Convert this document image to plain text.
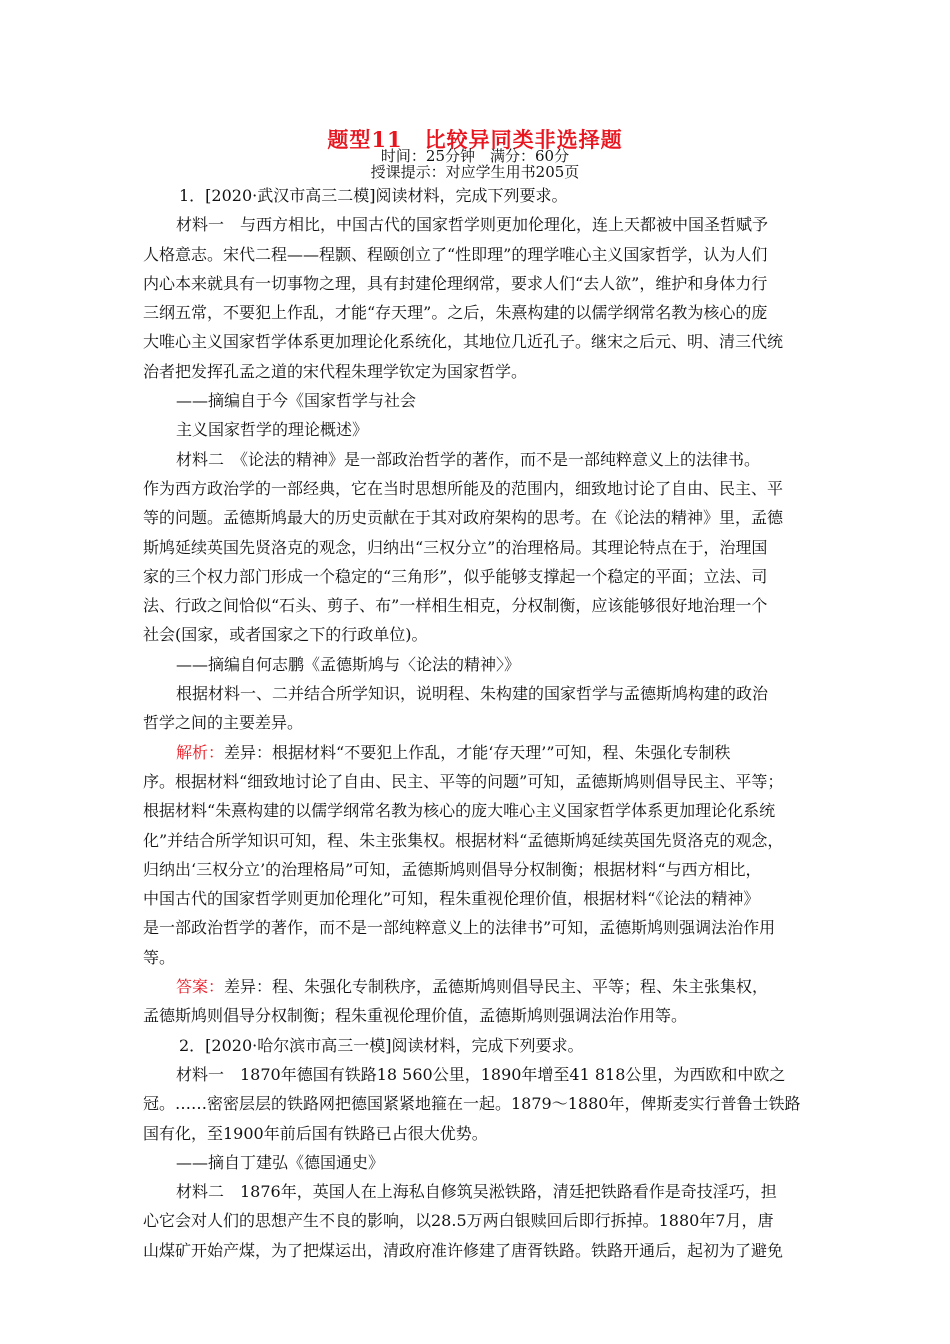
题型11　比较异同类非选择题
时间：25分钟　满分：60分
授课提示：对应学生用书205页
1．[2020·武汉市高三二模]阅读材料，完成下列要求。
材料一　与西方相比，中国古代的国家哲学则更加伦理化，连上天都被中国圣哲赋予
人格意志。宋代二程——程颢、程颐创立了“性即理”的理学唯心主义国家哲学，认为人们
内心本来就具有一切事物之理，具有封建伦理纲常，要求人们“去人欲”，维护和身体力行
三纲五常，不要犯上作乱，才能“存天理”。之后，朱熹构建的以儒学纲常名教为核心的庞
大唯心主义国家哲学体系更加理论化系统化，其地位几近孔子。继宋之后元、明、清三代统
治者把发挥孔孟之道的宋代程朱理学钦定为国家哲学。
——摘编自于今《国家哲学与社会
主义国家哲学的理论概述》
材料二　《论法的精神》是一部政治哲学的著作，而不是一部纯粹意义上的法律书。
作为西方政治学的一部经典，它在当时思想所能及的范围内，细致地讨论了自由、民主、平
等的问题。孟德斯鸠最大的历史贡献在于其对政府架构的思考。在《论法的精神》里，孟德
斯鸠延续英国先贤洛克的观念，归纳出“三权分立”的治理格局。其理论特点在于，治理国
家的三个权力部门形成一个稳定的“三角形”，似乎能够支撑起一个稳定的平面；立法、司
法、行政之间恰似“石头、剪子、布”一样相生相克，分权制衡，应该能够很好地治理一个
社会(国家，或者国家之下的行政单位)。
——摘编自何志鹏《孟德斯鸠与〈论法的精神〉》
根据材料一、二并结合所学知识，说明程、朱构建的国家哲学与孟德斯鸠构建的政治
哲学之间的主要差异。
解析：差异：根据材料“不要犯上作乱，才能‘存天理’”可知，程、朱强化专制秩
序。根据材料“细致地讨论了自由、民主、平等的问题”可知，孟德斯鸠则倡导民主、平等；
根据材料“朱熹构建的以儒学纲常名教为核心的庞大唯心主义国家哲学体系更加理论化系统
化”并结合所学知识可知，程、朱主张集权。根据材料“孟德斯鸠延续英国先贤洛克的观念，
归纳出‘三权分立’的治理格局”可知，孟德斯鸠则倡导分权制衡；根据材料“与西方相比，
中国古代的国家哲学则更加伦理化”可知，程朱重视伦理价值，根据材料“《论法的精神》
是一部政治哲学的著作，而不是一部纯粹意义上的法律书”可知，孟德斯鸠则强调法治作用
等。
答案：差异：程、朱强化专制秩序，孟德斯鸠则倡导民主、平等；程、朱主张集权，
孟德斯鸠则倡导分权制衡；程朱重视伦理价值，孟德斯鸠则强调法治作用等。
2．[2020·哈尔滨市高三一模]阅读材料，完成下列要求。
材料一　1870年德国有铁路18 560公里，1890年增至41 818公里，为西欧和中欧之
冠。……密密层层的铁路网把德国紧紧地箍在一起。1879～1880年，俾斯麦实行普鲁士铁路
国有化，至1900年前后国有铁路已占很大优势。
——摘自丁建弘《德国通史》
材料二　1876年，英国人在上海私自修筑吴淞铁路，清廷把铁路看作是奇技淫巧，担
心它会对人们的思想产生不良的影响，以28.5万两白银赎回后即行拆掉。1880年7月，唐
山煤矿开始产煤，为了把煤运出，清政府准许修建了唐胥铁路。铁路开通后，起初为了避免
